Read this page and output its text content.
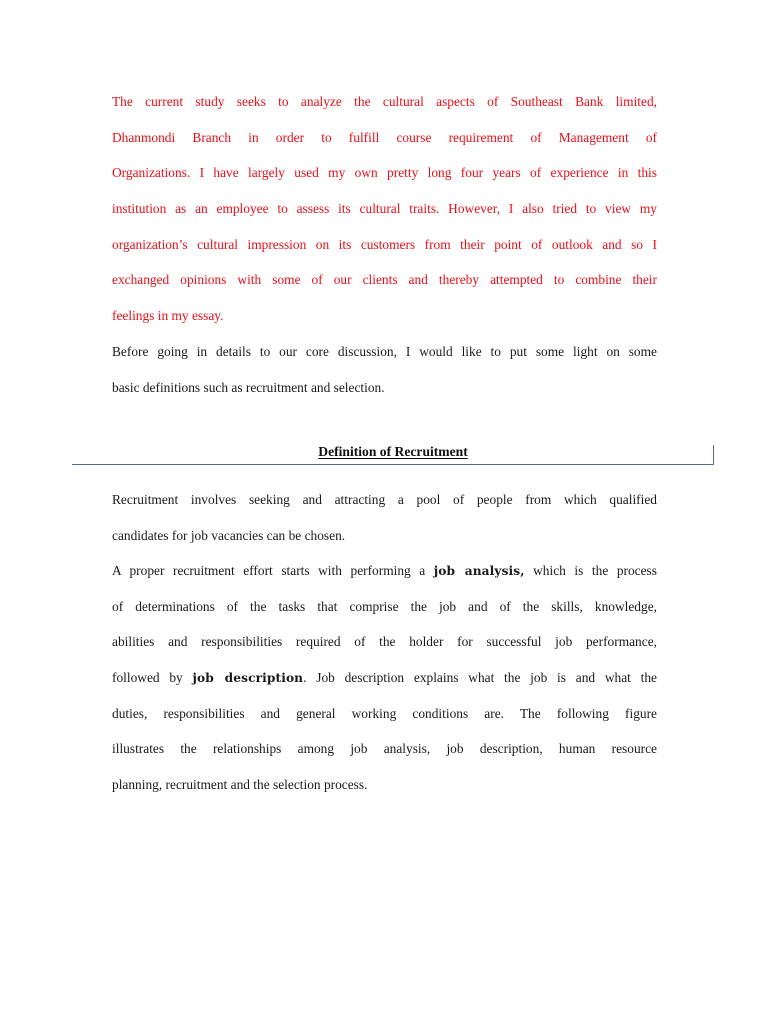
The current study seeks to analyze the cultural aspects of Southeast Bank limited,
Dhanmondi Branch in order to fulfill course requirement of Management of
Organizations. I have largely used my own pretty long four years of experience in this
institution as an employee to assess its cultural traits. However, I also tried to view my
organization’s cultural impression on its customers from their point of outlook and so I
exchanged opinions with some of our clients and thereby attempted to combine their
feelings in my essay.
Before going in details to our core discussion, I would like to put some light on some
basic definitions such as recruitment and selection.
Definition of Recruitment
Recruitment involves seeking and attracting a pool of people from which qualified
candidates for job vacancies can be chosen.
A proper recruitment effort starts with performing a job analysis, which is the process
of determinations of the tasks that comprise the job and of the skills, knowledge,
abilities and responsibilities required of the holder for successful job performance,
followed by job description. Job description explains what the job is and what the
duties, responsibilities and general working conditions are. The following figure
illustrates the relationships among job analysis, job description, human resource
planning, recruitment and the selection process.
